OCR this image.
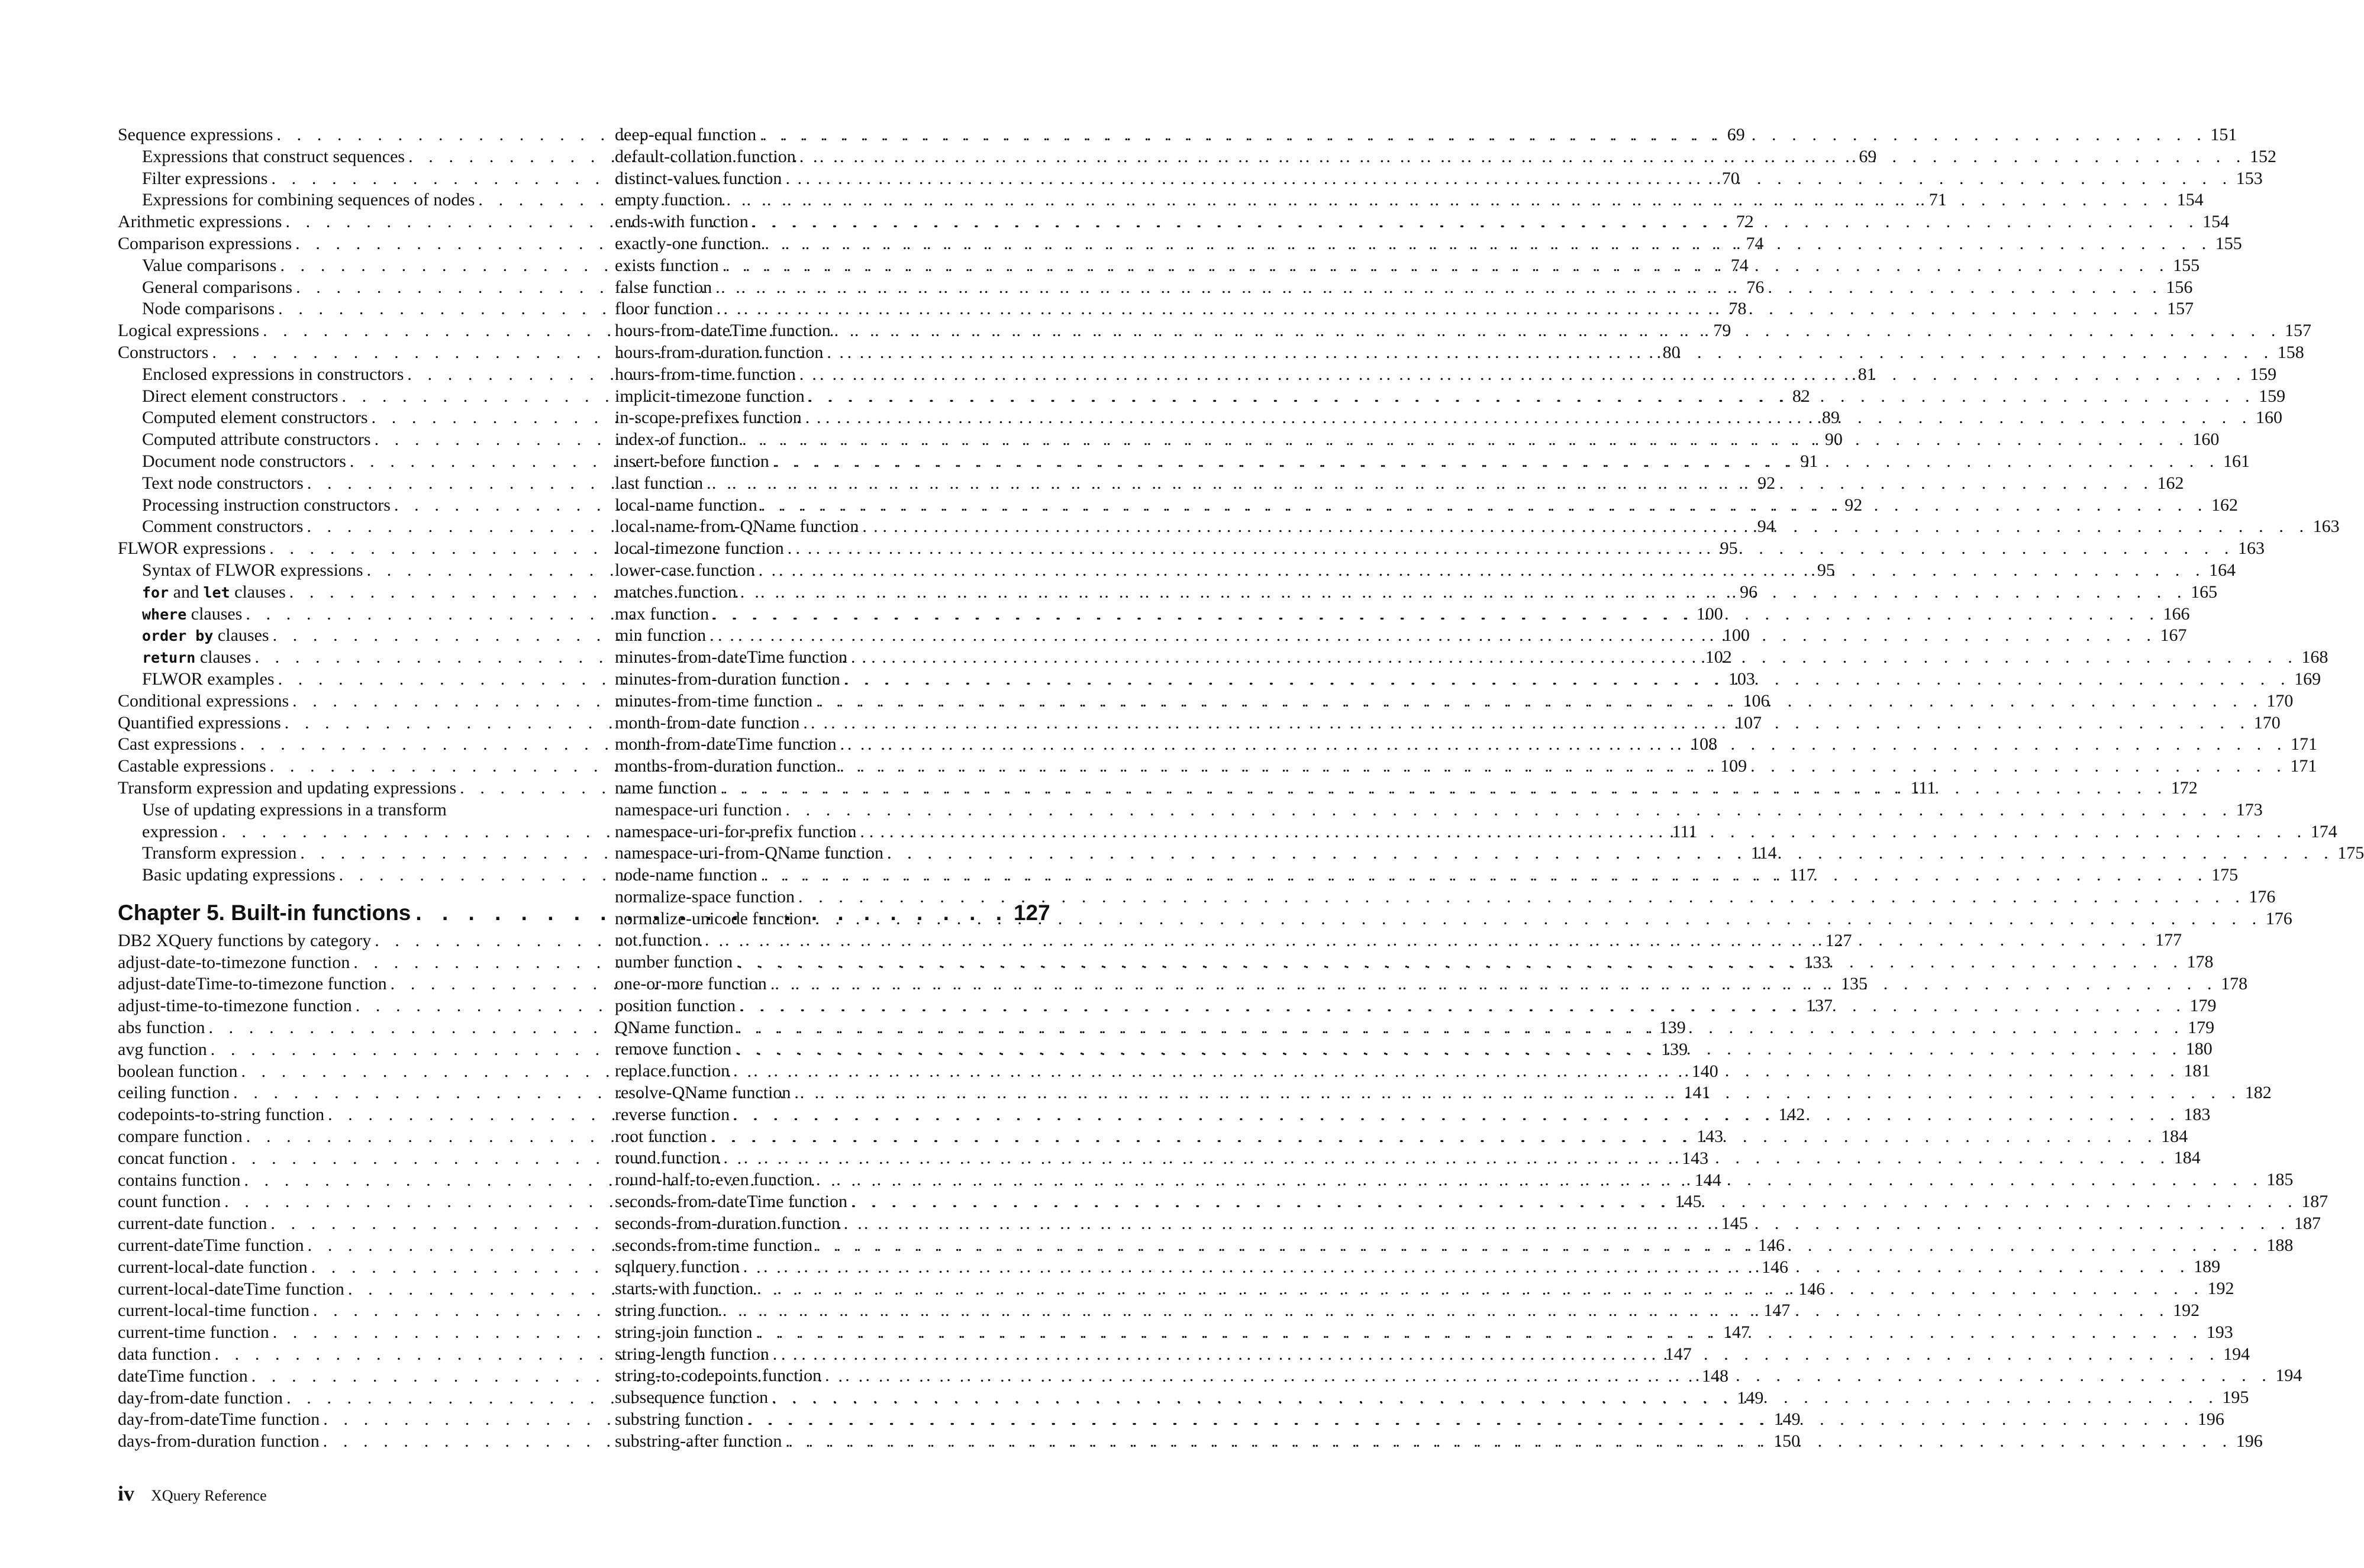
Sequence expressions . . .	69
Expressions that construct sequences . . .	69
Filter expressions . . .	70
Expressions for combining sequences of nodes . . .	71
Arithmetic expressions . . .	72
Comparison expressions . . .	74
Value comparisons . . .	74
General comparisons . . .	76
Node comparisons . . .	78
Logical expressions . . .	79
Constructors . . .	80
Enclosed expressions in constructors . . .	81
Direct element constructors . . .	82
Computed element constructors . . .	89
Computed attribute constructors . . .	90
Document node constructors . . .	91
Text node constructors . . .	92
Processing instruction constructors . . .	92
Comment constructors . . .	94
FLWOR expressions . . .	95
Syntax of FLWOR expressions . . .	95
for and let clauses . . .	96
where clauses . . .	100
order by clauses . . .	100
return clauses . . .	102
FLWOR examples . . .	103
Conditional expressions . . .	106
Quantified expressions . . .	107
Cast expressions . . .	108
Castable expressions . . .	109
Transform expression and updating expressions . . .	111
Use of updating expressions in a transform
expression . . .	111
Transform expression . . .	114
Basic updating expressions . . .	117
Chapter 5. Built-in functions . . .	127
DB2 XQuery functions by category . . .	127
adjust-date-to-timezone function . . .	133
adjust-dateTime-to-timezone function . . .	135
adjust-time-to-timezone function . . .	137
abs function . . .	139
avg function . . .	139
boolean function . . .	140
ceiling function . . .	141
codepoints-to-string function . . .	142
compare function . . .	143
concat function . . .	143
contains function . . .	144
count function . . .	145
current-date function . . .	145
current-dateTime function . . .	146
current-local-date function . . .	146
current-local-dateTime function . . .	146
current-local-time function . . .	147
current-time function . . .	147
data function . . .	147
dateTime function . . .	148
day-from-date function . . .	149
day-from-dateTime function . . .	149
days-from-duration function . . .	150
deep-equal function . . .	151
default-collation function . . .	152
distinct-values function . . .	153
empty function . . .	154
ends-with function . . .	154
exactly-one function . . .	155
exists function . . .	155
false function . . .	156
floor function . . .	157
hours-from-dateTime function . . .	157
hours-from-duration function . . .	158
hours-from-time function . . .	159
implicit-timezone function . . .	159
in-scope-prefixes function . . .	160
index-of function . . .	160
insert-before function . . .	161
last function . . .	162
local-name function . . .	162
local-name-from-QName function . . .	163
local-timezone function . . .	163
lower-case function . . .	164
matches function . . .	165
max function . . .	166
min function . . .	167
minutes-from-dateTime function . . .	168
minutes-from-duration function . . .	169
minutes-from-time function . . .	170
month-from-date function . . .	170
month-from-dateTime function . . .	171
months-from-duration function . . .	171
name function . . .	172
namespace-uri function . . .	173
namespace-uri-for-prefix function . . .	174
namespace-uri-from-QName function . . .	175
node-name function . . .	175
normalize-space function . . .	176
normalize-unicode function . . .	176
not function . . .	177
number function . . .	178
one-or-more function . . .	178
position function . . .	179
QName function . . .	179
remove function . . .	180
replace function . . .	181
resolve-QName function . . .	182
reverse function . . .	183
root function . . .	184
round function . . .	184
round-half-to-even function . . .	185
seconds-from-dateTime function . . .	187
seconds-from-duration function . . .	187
seconds-from-time function . . .	188
sqlquery function . . .	189
starts-with function . . .	192
string function . . .	192
string-join function . . .	193
string-length function . . .	194
string-to-codepoints function . . .	194
subsequence function . . .	195
substring function . . .	196
substring-after function . . .	196
iv XQuery Reference
